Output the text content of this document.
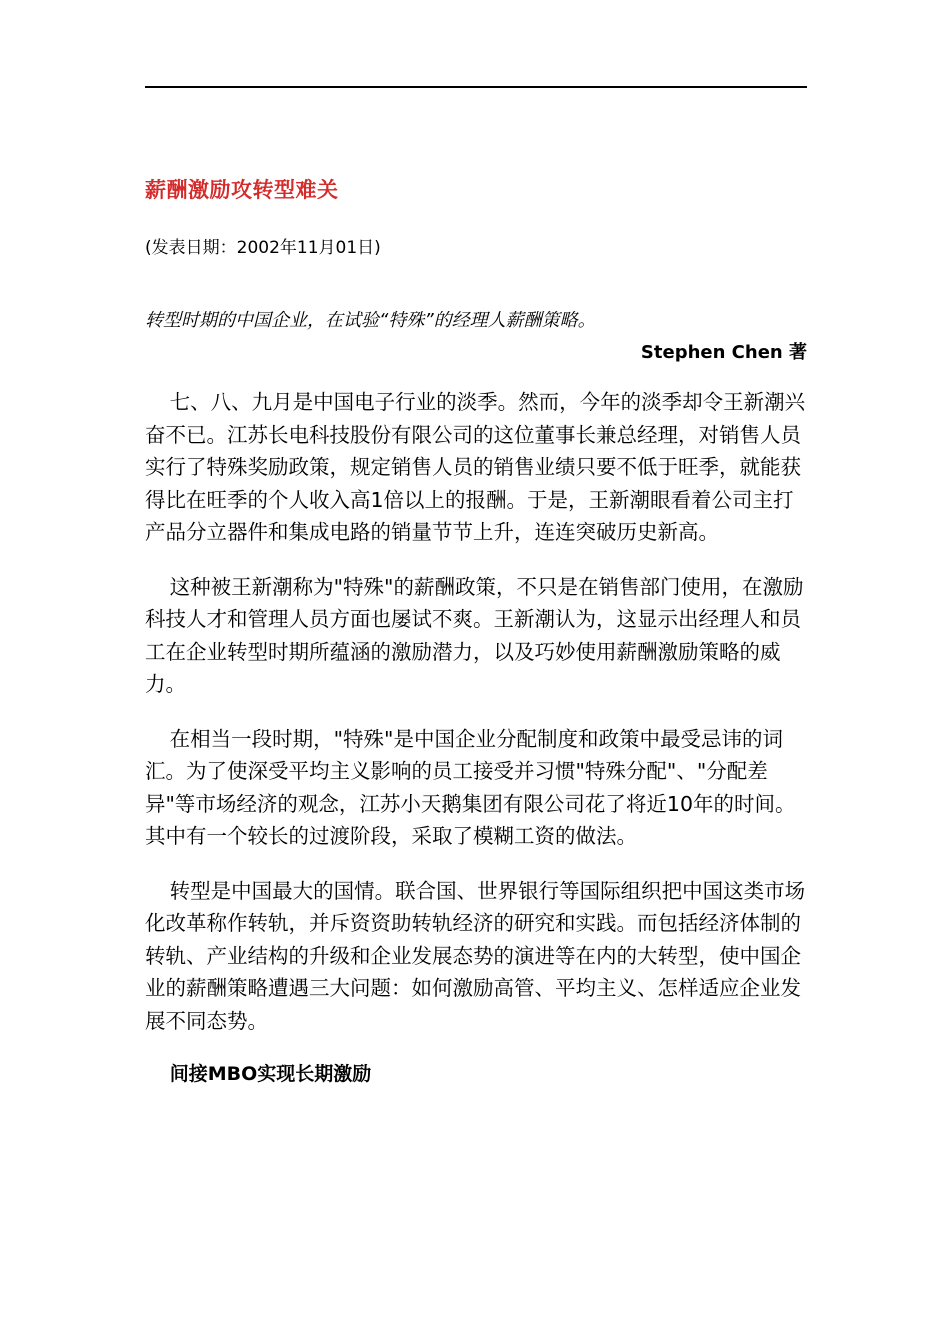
薪酬激励攻转型难关
(发表日期：2002年11月01日)
转型时期的中国企业，在试验“特殊”的经理人薪酬策略。
Stephen Chen 著

七、八、九月是中国电子行业的淡季。然而，今年的淡季却令王新潮兴奋不已。江苏长电科技股份有限公司的这位董事长兼总经理，对销售人员实行了特殊奖励政策，规定销售人员的销售业绩只要不低于旺季，就能获得比在旺季的个人收入高1倍以上的报酬。于是，王新潮眼看着公司主打产品分立器件和集成电路的销量节节上升，连连突破历史新高。

这种被王新潮称为"特殊"的薪酬政策，不只是在销售部门使用，在激励科技人才和管理人员方面也屡试不爽。王新潮认为，这显示出经理人和员工在企业转型时期所蕴涵的激励潜力，以及巧妙使用薪酬激励策略的威力。

在相当一段时期，"特殊"是中国企业分配制度和政策中最受忌讳的词汇。为了使深受平均主义影响的员工接受并习惯"特殊分配"、"分配差异"等市场经济的观念，江苏小天鹅集团有限公司花了将近10年的时间。其中有一个较长的过渡阶段，采取了模糊工资的做法。

转型是中国最大的国情。联合国、世界银行等国际组织把中国这类市场化改革称作转轨，并斥资资助转轨经济的研究和实践。而包括经济体制的转轨、产业结构的升级和企业发展态势的演进等在内的大转型，使中国企业的薪酬策略遭遇三大问题：如何激励高管、平均主义、怎样适应企业发展不同态势。

间接MBO实现长期激励
